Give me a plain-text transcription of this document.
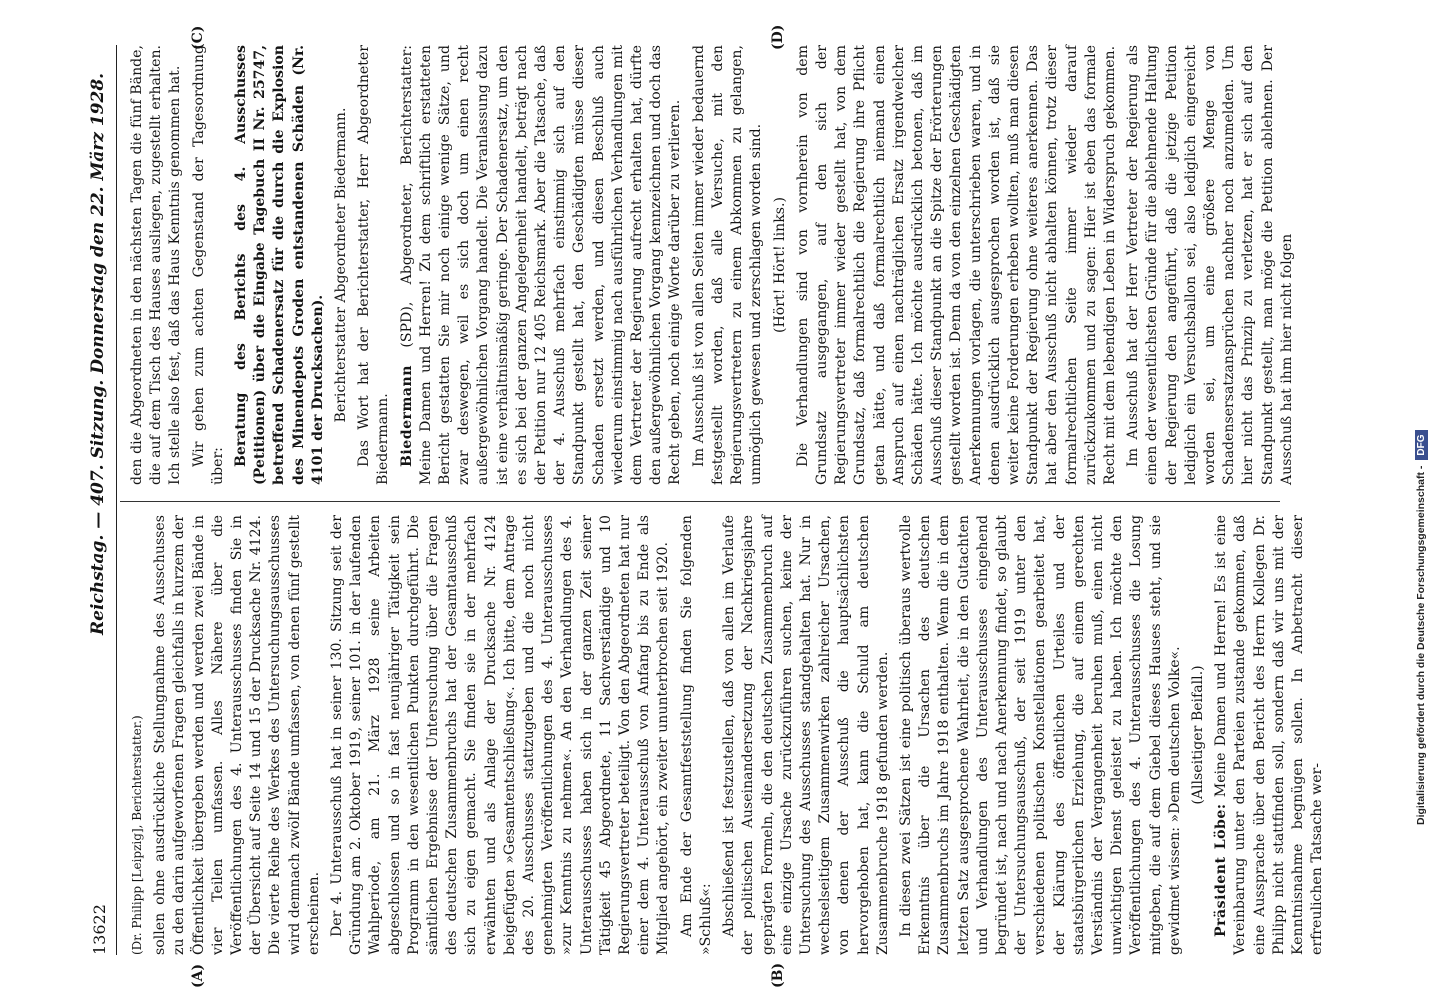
13622
Reichstag. — 407. Sitzung. Donnerstag den 22. März 1928.
(A)	(B)
(C)	(D)

(Dr. Philipp [Leipzig], Berichterstatter.) sollen ohne ausdrückliche Stellungnahme des Ausschusses zu den darin aufgeworfenen Fragen gleichfalls in kurzem der Öffentlichkeit übergeben werden und werden zwei Bände in vier Teilen umfassen. Alles Nähere über die Veröffentlichungen des 4. Unterausschusses finden Sie in der Übersicht auf Seite 14 und 15 der Drucksache Nr. 4124. Die vierte Reihe des Werkes des Untersuchungsausschusses wird demnach zwölf Bände umfassen, von denen fünf gestellt erscheinen. Der 4. Unterausschuß hat in seiner 130. Sitzung seit der Gründung am 2. Oktober 1919, seiner 101. in der laufenden Wahlperiode, am 21. März 1928 seine Arbeiten abgeschlossen und so in fast neunjähriger Tätigkeit sein Programm in den wesentlichen Punkten durchgeführt. Die sämtlichen Ergebnisse der Untersuchung über die Fragen des deutschen Zusammenbruchs hat der Gesamtausschuß sich zu eigen gemacht. Sie finden sie in der mehrfach erwähnten und als Anlage der Drucksache Nr. 4124 beigefügten »Gesamtentschließung«. Ich bitte, dem Antrage des 20. Ausschusses stattzugeben und die noch nicht genehmigten Veröffentlichungen des 4. Unterausschusses »zur Kenntnis zu nehmen«. An den Verhandlungen des 4. Unterausschusses haben sich in der ganzen Zeit seiner Tätigkeit 45 Abgeordnete, 11 Sachverständige und 10 Regierungsvertreter beteiligt. Von den Abgeordneten hat nur einer dem 4. Unterausschuß von Anfang bis zu Ende als Mitglied angehört, ein zweiter ununterbrochen seit 1920. Am Ende der Gesamtfeststellung finden Sie folgenden »Schluß«: Abschließend ist festzustellen, daß von allen im Verlaufe der politischen Auseinandersetzung der Nachkriegsjahre geprägten Formeln, die den deutschen Zusammenbruch auf eine einzige Ursache zurückzuführen suchen, keine der Untersuchung des Ausschusses standgehalten hat. Nur in wechselseitigem Zusammenwirken zahlreicher Ursachen, von denen der Ausschuß die hauptsächlichsten hervorgehoben hat, kann die Schuld am deutschen Zusammenbruche 1918 gefunden werden. In diesen zwei Sätzen ist eine politisch überaus wertvolle Erkenntnis über die Ursachen des deutschen Zusammenbruchs im Jahre 1918 enthalten. Wenn die in dem letzten Satz ausgesprochene Wahrheit, die in den Gutachten und Verhandlungen des Unterausschusses eingehend begründet ist, nach und nach Anerkennung findet, so glaubt der Untersuchungsausschuß, der seit 1919 unter den verschiedenen politischen Konstellationen gearbeitet hat, der Klärung des öffentlichen Urteiles und der staatsbürgerlichen Erziehung, die auf einem gerechten Verständnis der Vergangenheit beruhen muß, einen nicht unwichtigen Dienst geleistet zu haben. Ich möchte den Veröffentlichungen des 4. Unterausschusses die Losung mitgeben, die auf dem Giebel dieses Hauses steht, und sie gewidmet wissen: »Dem deutschen Volke«. (Allseitiger Beifall.)

Präsident Löbe: Meine Damen und Herren! Es ist eine Vereinbarung unter den Parteien zustande gekommen, daß eine Aussprache über den Bericht des Herrn Kollegen Dr. Philipp nicht stattfinden soll, sondern daß wir uns mit der Kenntnisnahme begnügen sollen. In Anbetracht dieser erfreulichen Tatsache wer-

den die Abgeordneten in den nächsten Tagen die fünf Bände, die auf dem Tisch des Hauses ausliegen, zugestellt erhalten. Ich stelle also fest, daß das Haus Kenntnis genommen hat. Wir gehen zum achten Gegenstand der Tagesordnung über: Beratung des Berichts des 4. Ausschusses (Petitionen) über die Eingabe Tagebuch II Nr. 25747, betreffend Schadenersatz für die durch die Explosion des Minendepots Groden entstandenen Schäden (Nr. 4101 der Drucksachen). Berichterstatter Abgeordneter Biedermann. Das Wort hat der Berichterstatter, Herr Abgeordneter Biedermann. Biedermann (SPD), Abgeordneter, Berichterstatter: Meine Damen und Herren! Zu dem schriftlich erstatteten Bericht gestatten Sie mir noch einige wenige Sätze, und zwar deswegen, weil es sich doch um einen recht außergewöhnlichen Vorgang handelt. Die Veranlassung dazu ist eine verhältnismäßig geringe. Der Schadenersatz, um den es sich bei der ganzen Angelegenheit handelt, beträgt nach der Petition nur 12 405 Reichsmark. Aber die Tatsache, daß der 4. Ausschuß mehrfach einstimmig sich auf den Standpunkt gestellt hat, den Geschädigten müsse dieser Schaden ersetzt werden, und diesen Beschluß auch wiederum einstimmig nach ausführlichen Verhandlungen mit dem Vertreter der Regierung aufrecht erhalten hat, dürfte den außergewöhnlichen Vorgang kennzeichnen und doch das Recht geben, noch einige Worte darüber zu verlieren. Im Ausschuß ist von allen Seiten immer wieder bedauernd festgestellt worden, daß alle Versuche, mit den Regierungsvertretern zu einem Abkommen zu gelangen, unmöglich gewesen und zerschlagen worden sind. (Hört! Hört! links.) Die Verhandlungen sind von vornherein von dem Grundsatz ausgegangen, auf den sich der Regierungsvertreter immer wieder gestellt hat, von dem Grundsatz, daß formalrechtlich die Regierung ihre Pflicht getan hätte, und daß formalrechtlich niemand einen Anspruch auf einen nachträglichen Ersatz irgendwelcher Schäden hätte. Ich möchte ausdrücklich betonen, daß im Ausschuß dieser Standpunkt an die Spitze der Erörterungen gestellt worden ist. Denn da von den einzelnen Geschädigten Anerkennungen vorlagen, die unterschrieben waren, und in denen ausdrücklich ausgesprochen worden ist, daß sie weiter keine Forderungen erheben wollten, muß man diesen Standpunkt der Regierung ohne weiteres anerkennen. Das hat aber den Ausschuß nicht abhalten können, trotz dieser formalrechtlichen Seite immer wieder darauf zurückzukommen und zu sagen: Hier ist eben das formale Recht mit dem lebendigen Leben in Widerspruch gekommen. Im Ausschuß hat der Herr Vertreter der Regierung als einen der wesentlichsten Gründe für die ablehnende Haltung der Regierung den angeführt, daß die jetzige Petition lediglich ein Versuchsballon sei, also lediglich eingereicht worden sei, um eine größere Menge von Schadensersatzansprüchen nachher noch anzumelden. Um hier nicht das Prinzip zu verletzen, hat er sich auf den Standpunkt gestellt, man möge die Petition ablehnen. Der Ausschuß hat ihm hier nicht folgen

Digitalisierung gefördert durch die Deutsche Forschungsgemeinschaft -
DFG
